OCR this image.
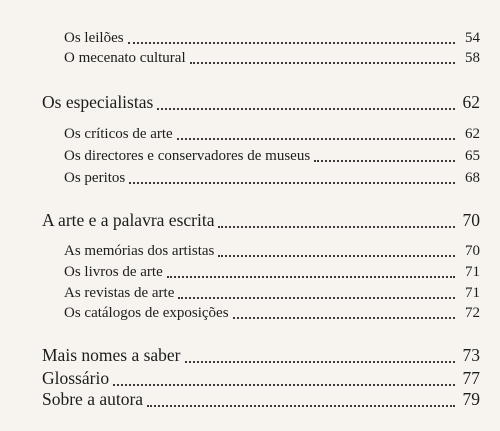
Os leilões	54
O mecenato cultural	58
Os especialistas	62
Os críticos de arte	62
Os directores e conservadores de museus	65
Os peritos	68
A arte e a palavra escrita	70
As memórias dos artistas	70
Os livros de arte	71
As revistas de arte	71
Os catálogos de exposições	72
Mais nomes a saber	73
Glossário	77
Sobre a autora	79
